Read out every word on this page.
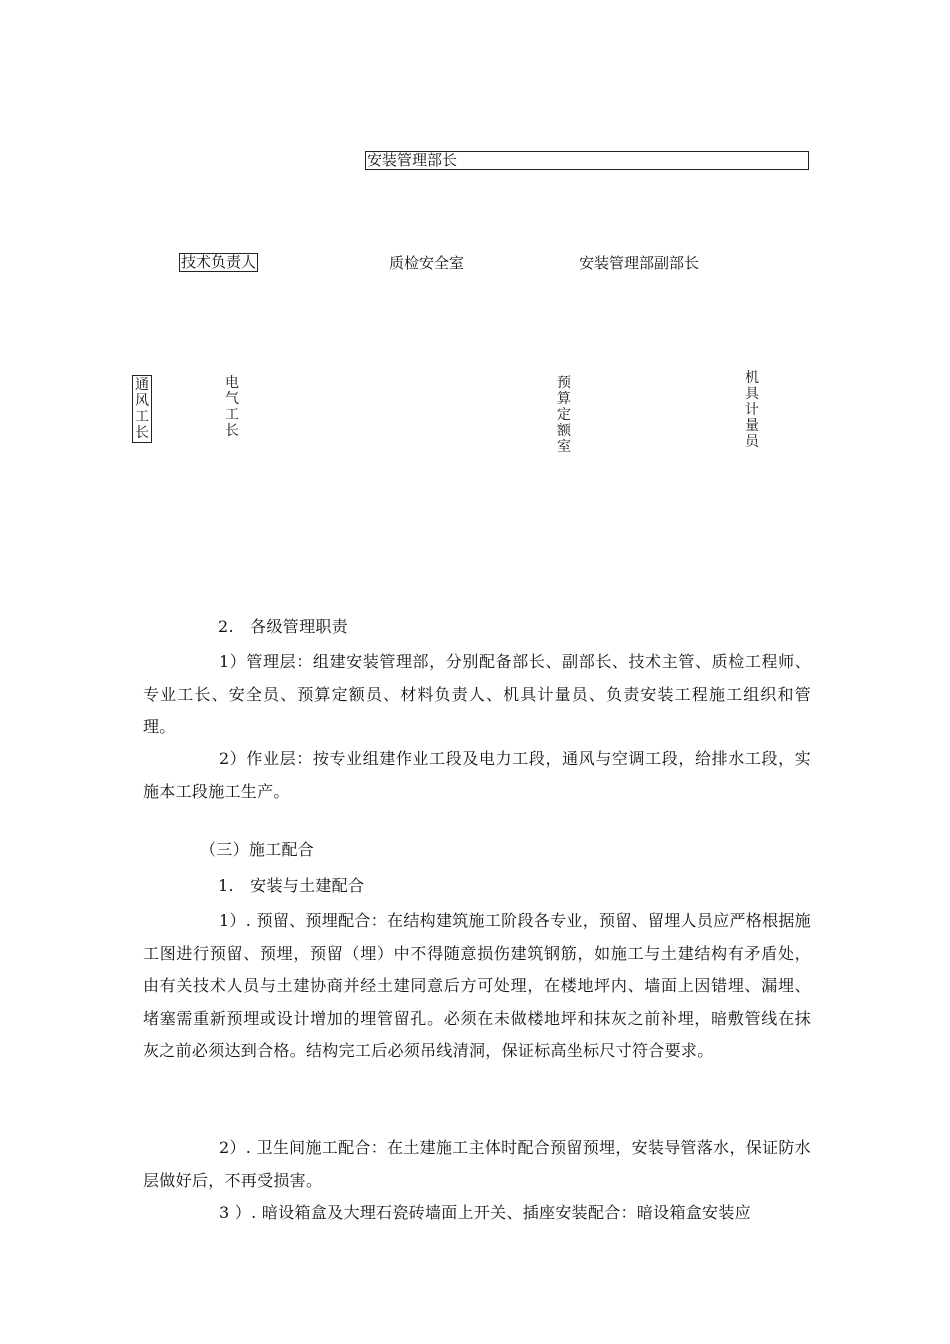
安装管理部长
技术负责人	质检安全室	安装管理部副部长
通
风
工
长
电
气
工
长
预
算
定
额
室
机
具
计
量
员
2.　各级管理职责

1）管理层：组建安装管理部，分别配备部长、副部长、技术主管、质检工程师、专业工长、安全员、预算定额员、材料负责人、机具计量员、负责安装工程施工组织和管理。

2）作业层：按专业组建作业工段及电力工段，通风与空调工段，给排水工段，实施本工段施工生产。

（三）施工配合
1.　安装与土建配合

1）. 预留、预埋配合：在结构建筑施工阶段各专业，预留、留埋人员应严格根据施工图进行预留、预埋，预留（埋）中不得随意损伤建筑钢筋，如施工与土建结构有矛盾处，由有关技术人员与土建协商并经土建同意后方可处理，在楼地坪内、墙面上因错埋、漏埋、堵塞需重新预埋或设计增加的埋管留孔。必须在未做楼地坪和抹灰之前补埋，暗敷管线在抹灰之前必须达到合格。结构完工后必须吊线清洞，保证标高坐标尺寸符合要求。

2）. 卫生间施工配合：在土建施工主体时配合预留预埋，安装导管落水，保证防水层做好后，不再受损害。

3 ）. 暗设箱盒及大理石瓷砖墙面上开关、插座安装配合：暗设箱盒安装应
